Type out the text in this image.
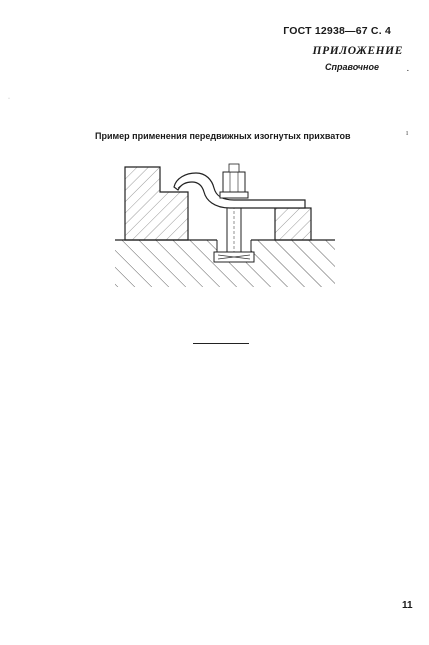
ГОСТ 12938—67 С. 4
ПРИЛОЖЕНИЕ
Справочное	.
·
Пример применения передвижных изогнутых прихватов	ı
11
